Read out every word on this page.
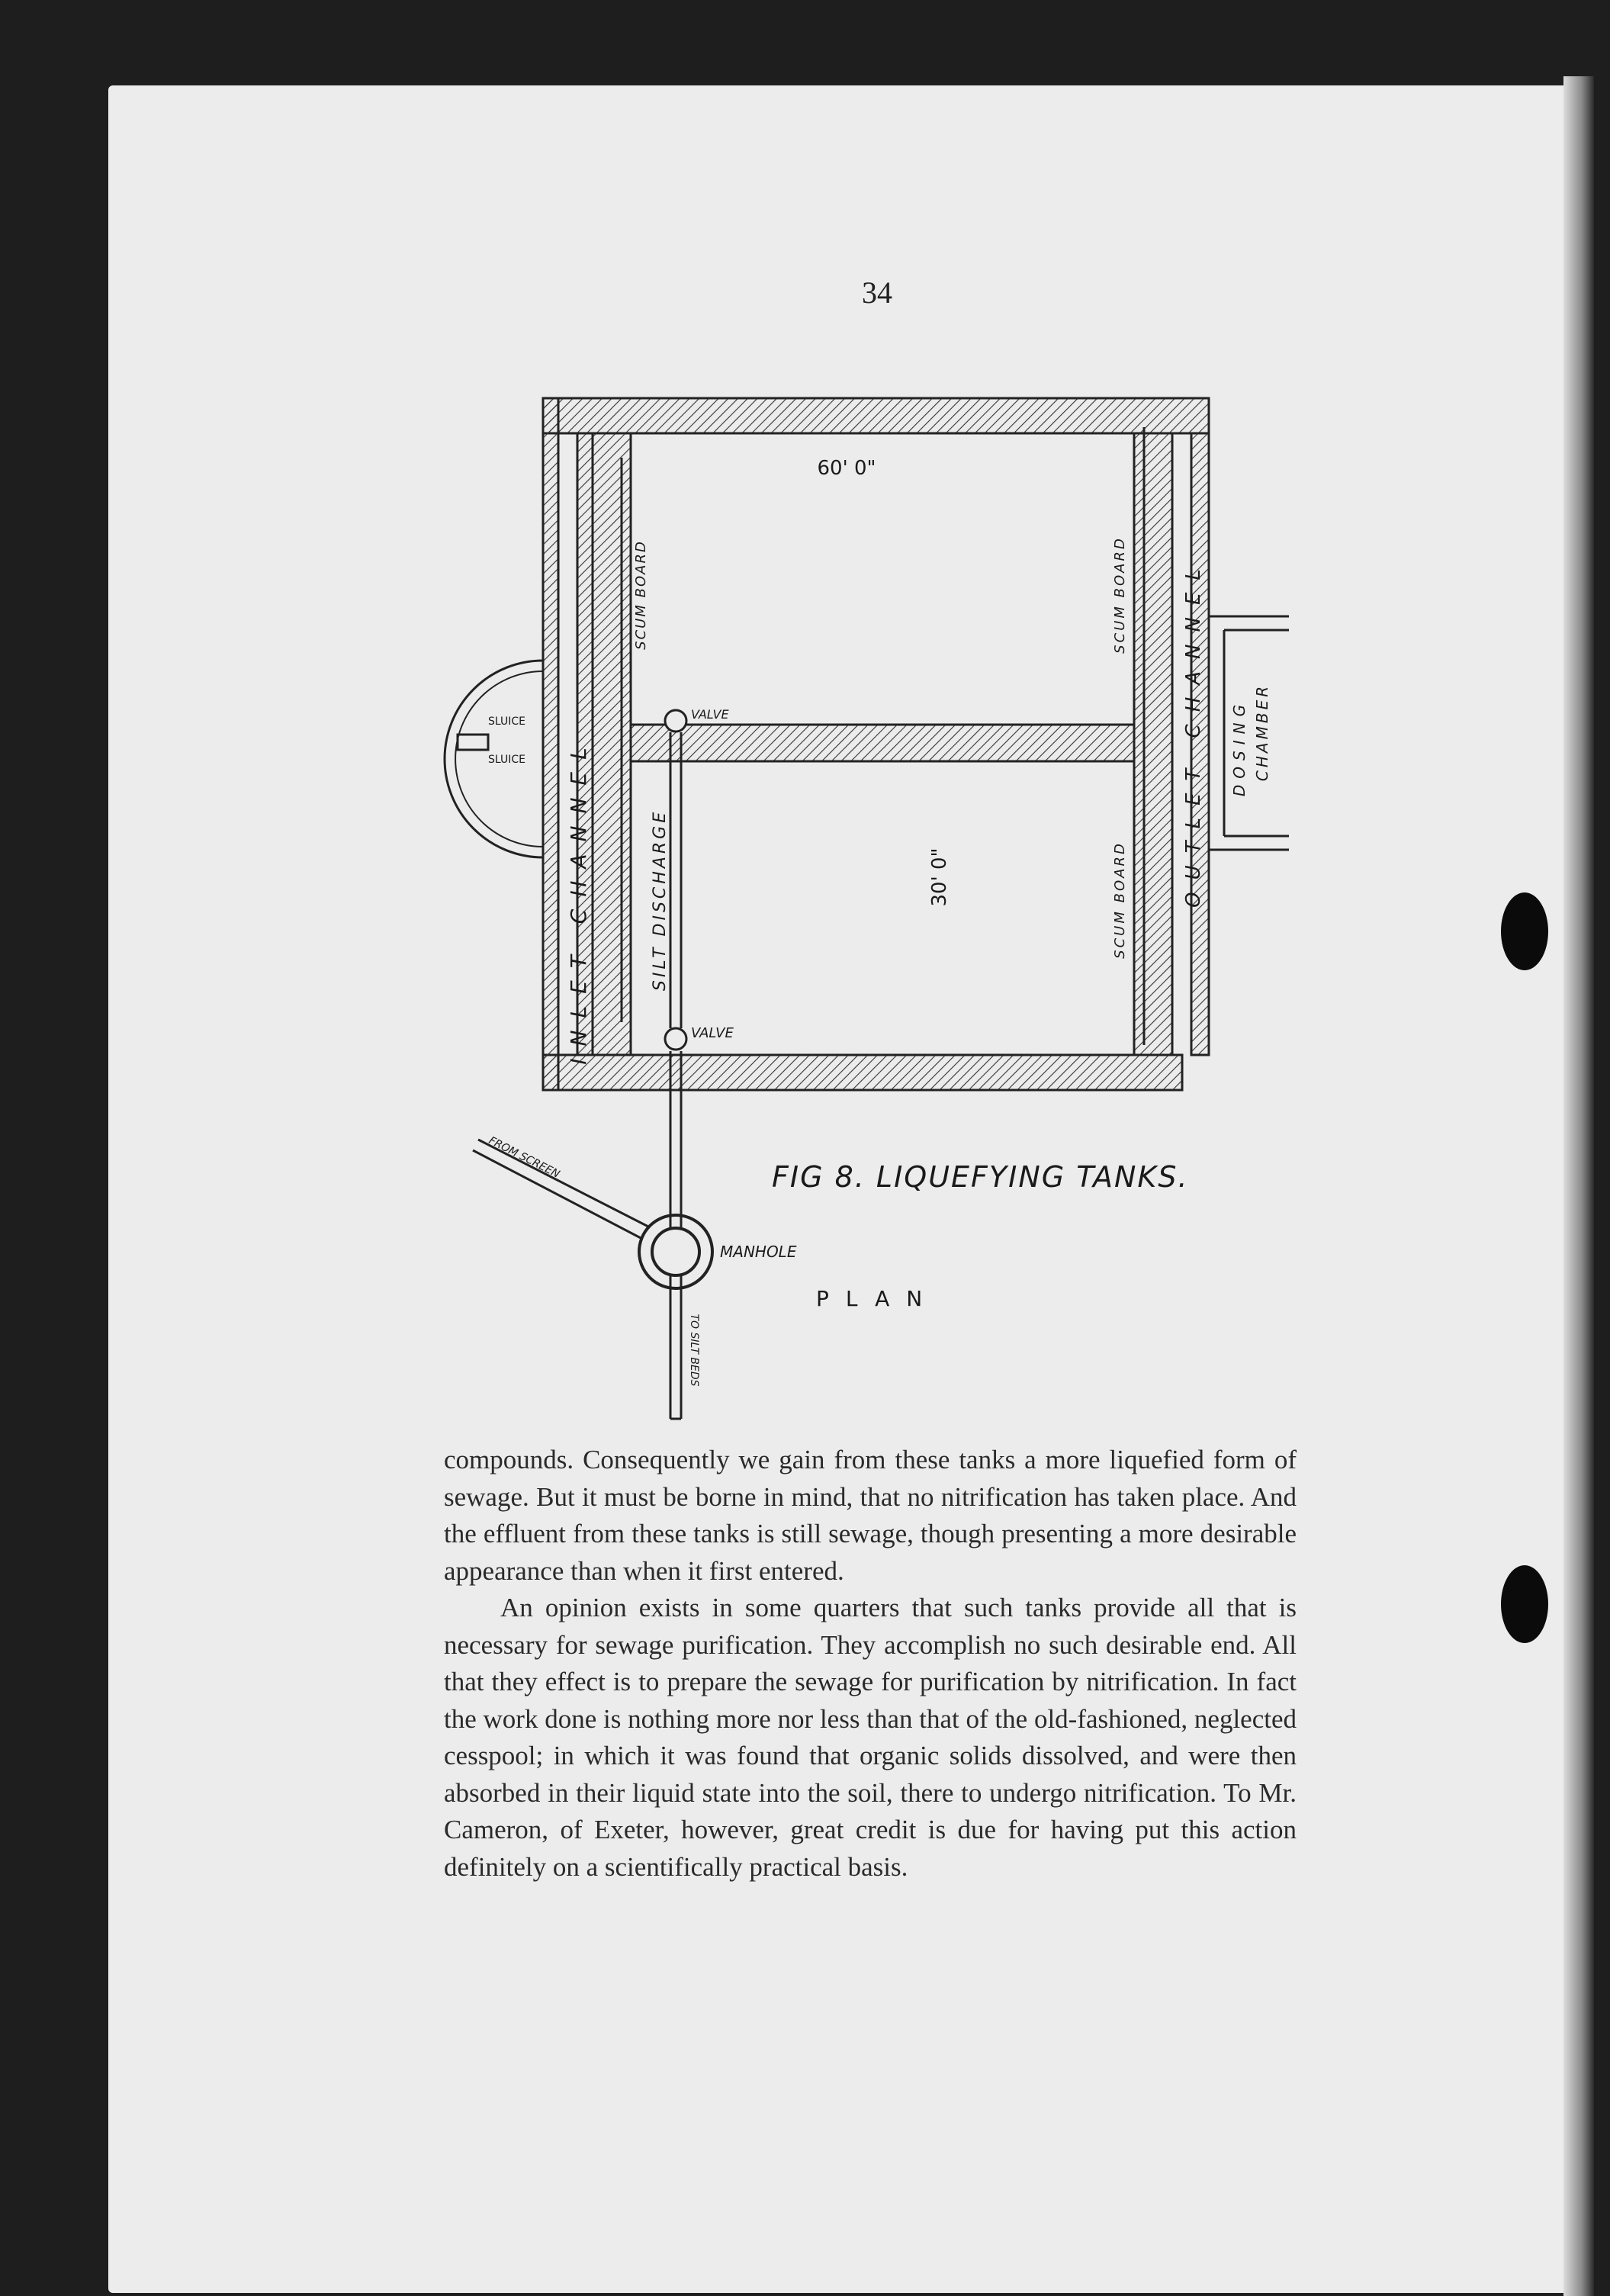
34
60' 0"
30' 0"
INLET CHANNEL	OUTLET CHANNEL
SCUM BOARD	SCUM BOARD
SCUM BOARD
SILT DISCHARGE
VALVE
VALVE
SLUICE
SLUICE	DOSING CHAMBER
MANHOLE
FROM SCREEN
TO SILT BEDS
FIG 8. LIQUEFYING TANKS.
PLAN

compounds. Consequently we gain from these tanks a more liquefied form of sewage. But it must be borne in mind, that no nitrification has taken place. And the effluent from these tanks is still sewage, though presenting a more desirable appearance than when it first entered.

An opinion exists in some quarters that such tanks provide all that is necessary for sewage purification. They accomplish no such desirable end. All that they effect is to prepare the sewage for purification by nitrification. In fact the work done is nothing more nor less than that of the old-fashioned, neglected cesspool; in which it was found that organic solids dissolved, and were then absorbed in their liquid state into the soil, there to undergo nitrification. To Mr. Cameron, of Exeter, however, great credit is due for having put this action definitely on a scientifically practical basis.
